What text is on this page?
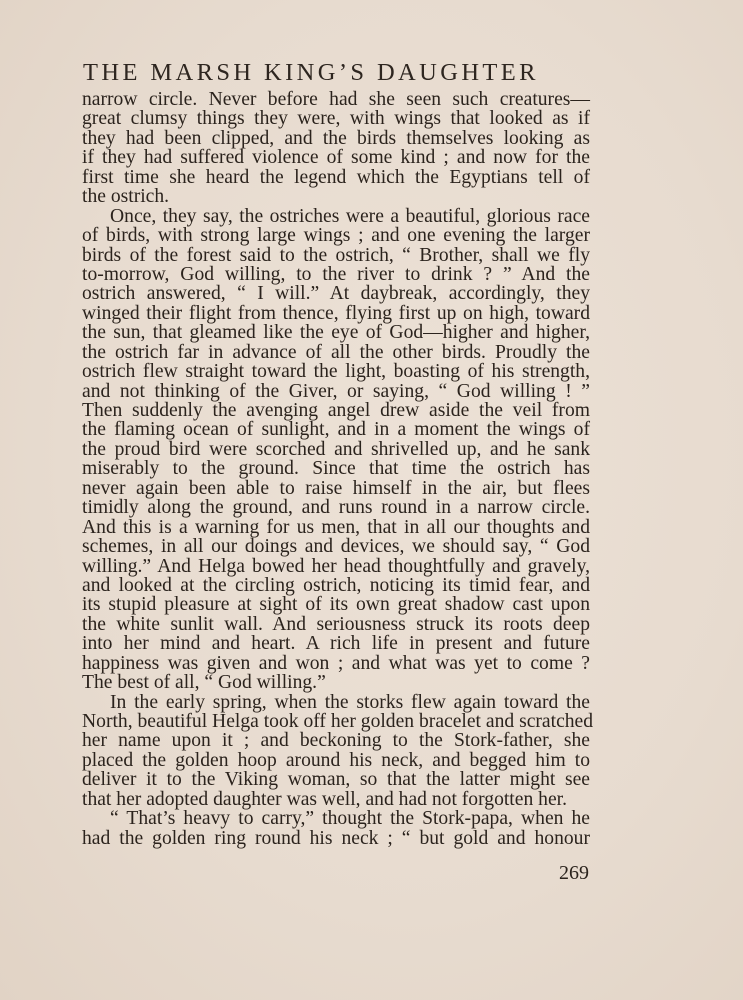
THE MARSH KING’S DAUGHTER
narrow circle. Never before had she seen such creatures—
great clumsy things they were, with wings that looked as if
they had been clipped, and the birds themselves looking as
if they had suffered violence of some kind ; and now for the
first time she heard the legend which the Egyptians tell of
the ostrich.
Once, they say, the ostriches were a beautiful, glorious race
of birds, with strong large wings ; and one evening the larger
birds of the forest said to the ostrich, “ Brother, shall we fly
to-morrow, God willing, to the river to drink ? ” And the
ostrich answered, “ I will.” At daybreak, accordingly, they
winged their flight from thence, flying first up on high, toward
the sun, that gleamed like the eye of God—higher and higher,
the ostrich far in advance of all the other birds. Proudly the
ostrich flew straight toward the light, boasting of his strength,
and not thinking of the Giver, or saying, “ God willing ! ”
Then suddenly the avenging angel drew aside the veil from
the flaming ocean of sunlight, and in a moment the wings of
the proud bird were scorched and shrivelled up, and he sank
miserably to the ground. Since that time the ostrich has
never again been able to raise himself in the air, but flees
timidly along the ground, and runs round in a narrow circle.
And this is a warning for us men, that in all our thoughts and
schemes, in all our doings and devices, we should say, “ God
willing.” And Helga bowed her head thoughtfully and gravely,
and looked at the circling ostrich, noticing its timid fear, and
its stupid pleasure at sight of its own great shadow cast upon
the white sunlit wall. And seriousness struck its roots deep
into her mind and heart. A rich life in present and future
happiness was given and won ; and what was yet to come ?
The best of all, “ God willing.”
In the early spring, when the storks flew again toward the
North, beautiful Helga took off her golden bracelet and scratched
her name upon it ; and beckoning to the Stork-father, she
placed the golden hoop around his neck, and begged him to
deliver it to the Viking woman, so that the latter might see
that her adopted daughter was well, and had not forgotten her.
“ That’s heavy to carry,” thought the Stork-papa, when he
had the golden ring round his neck ; “ but gold and honour
269
